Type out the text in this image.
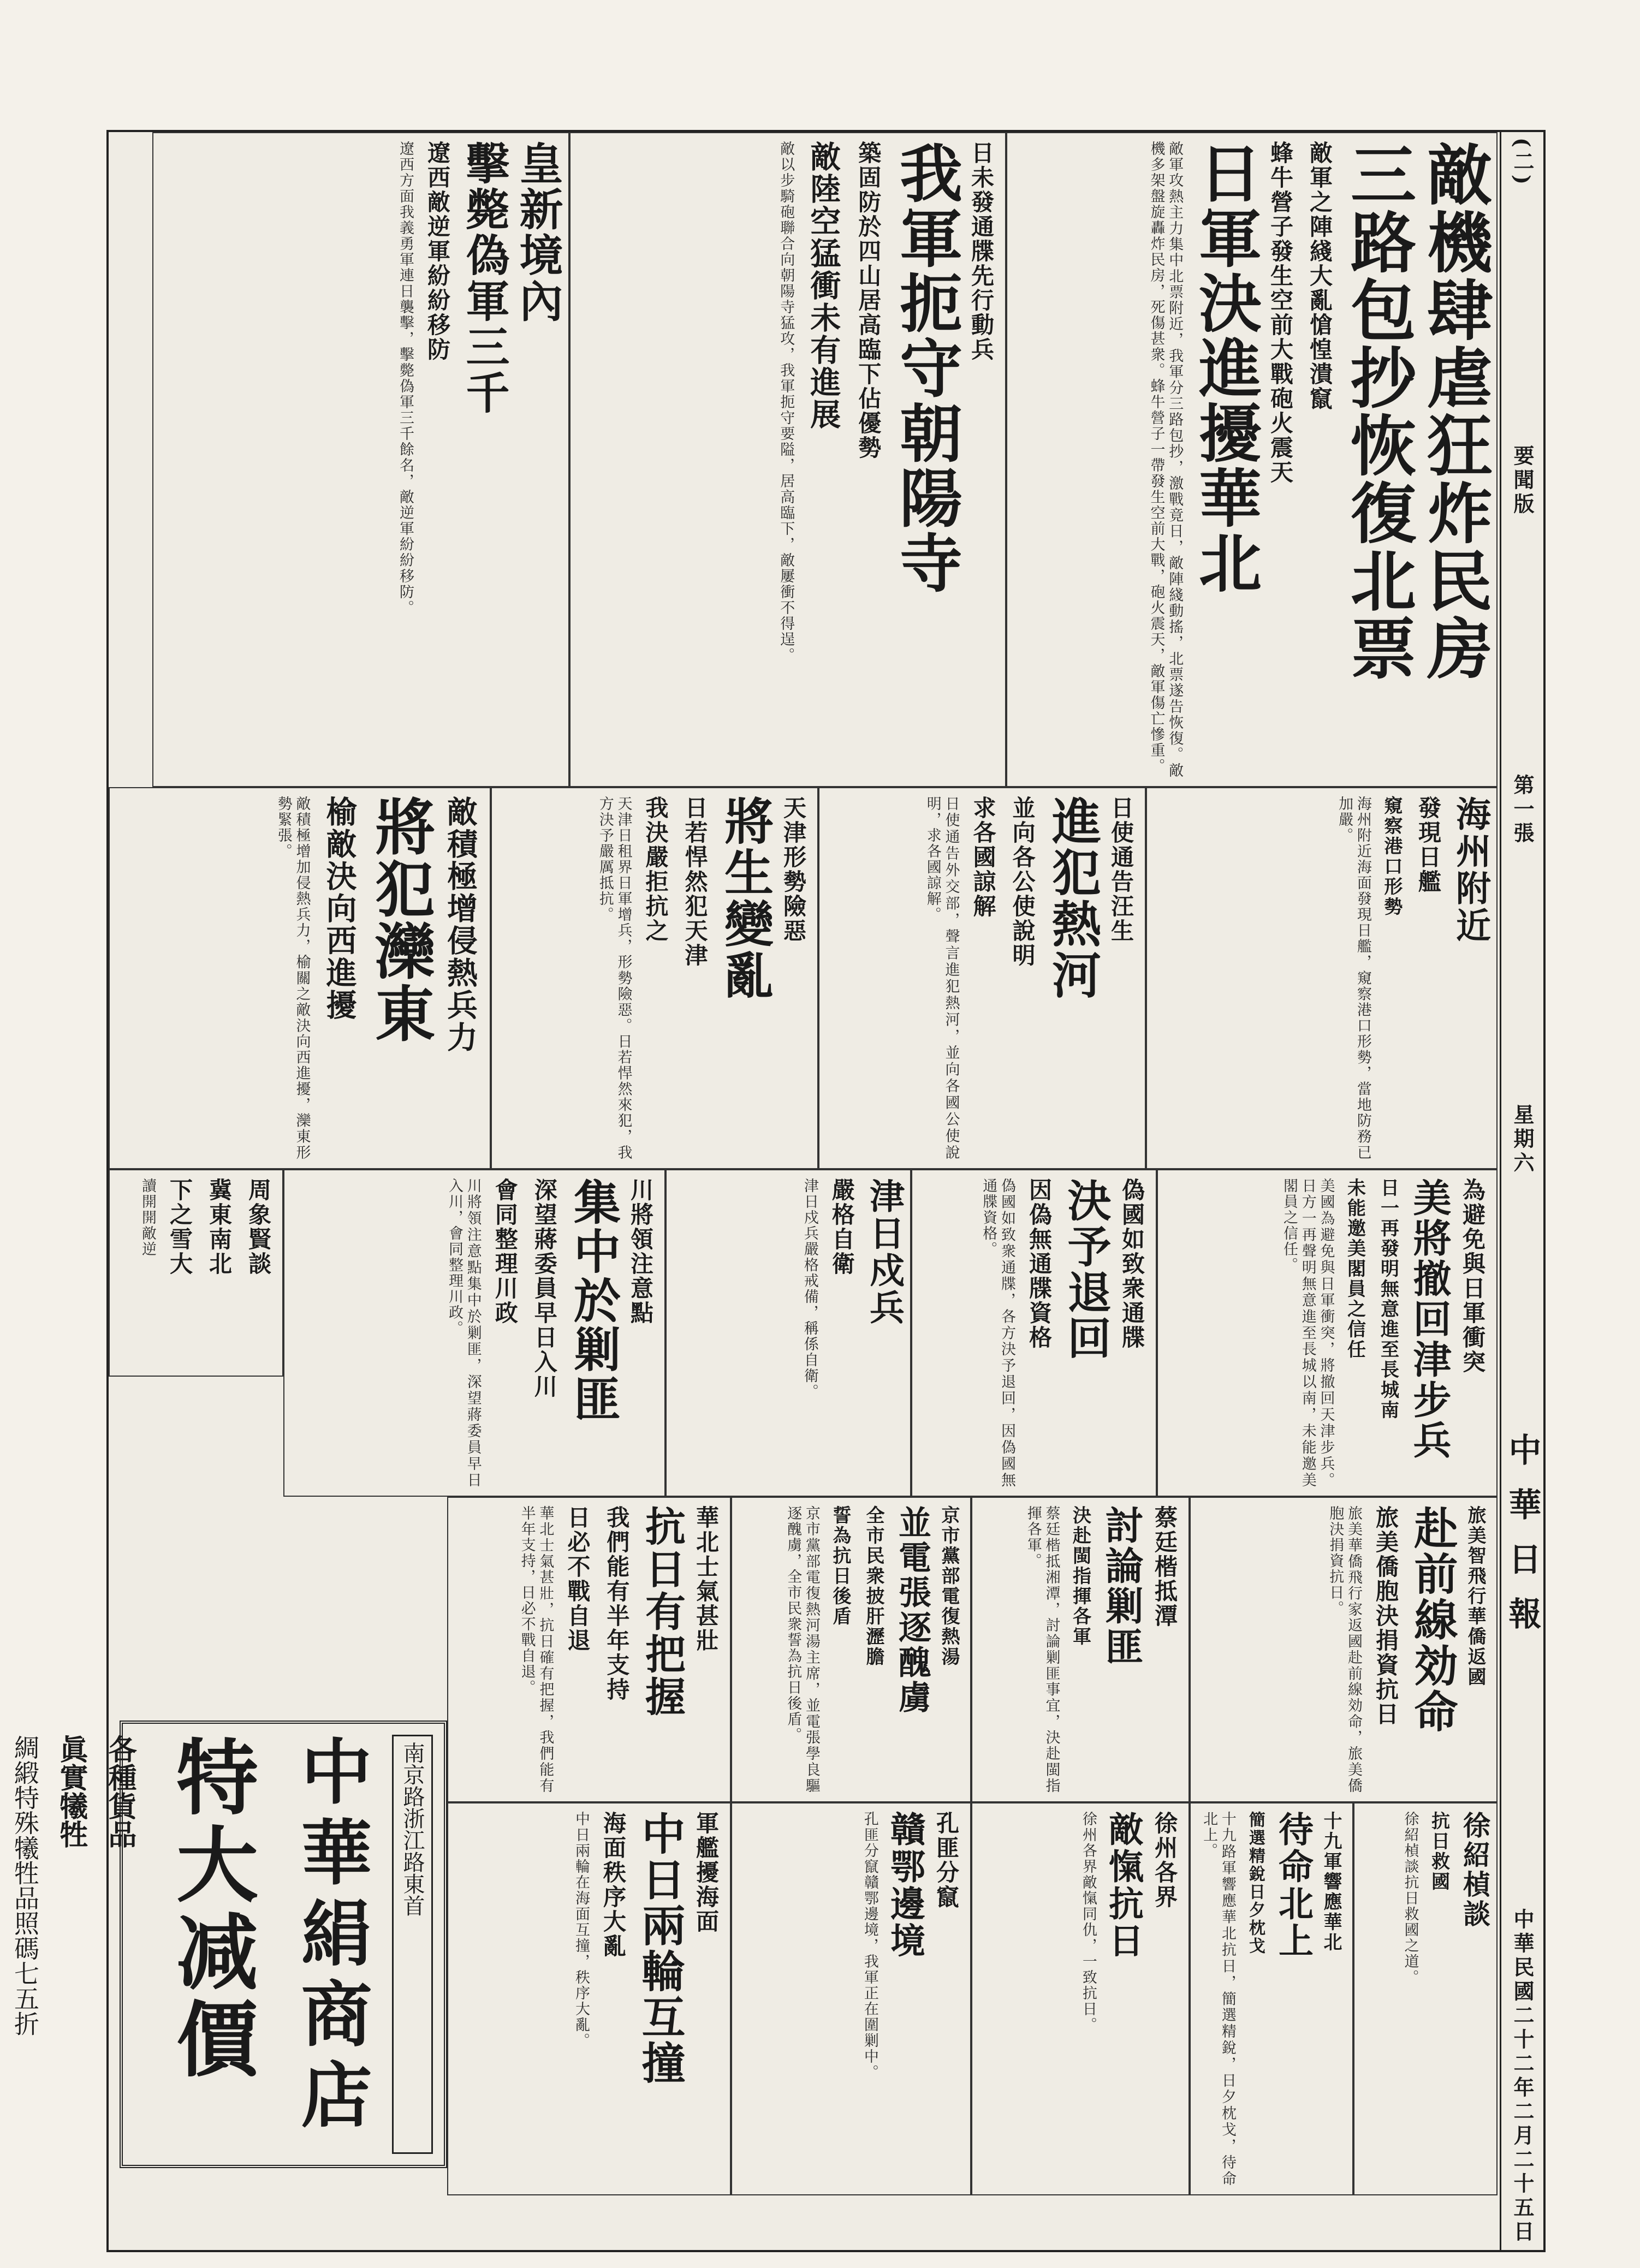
(二)
要聞版
第一張
星期六
中華日報
中華民國二十二年二月二十五日
敵機肆虐狂炸民房
三路包抄恢復北票
敵軍之陣綫大亂愴惶潰竄
蜂牛營子發生空前大戰砲火震天
日軍決進擾華北
敵軍攻熱主力集中北票附近，我軍分三路包抄，激戰竟日，敵陣綫動搖，北票遂告恢復。敵機多架盤旋轟炸民房，死傷甚衆。蜂牛營子一帶發生空前大戰，砲火震天，敵軍傷亡慘重。
日未發通牒先行動兵
我軍扼守朝陽寺
築固防於四山居高臨下佔優勢
敵陸空猛衝未有進展
敵以步騎砲聯合向朝陽寺猛攻，我軍扼守要隘，居高臨下，敵屢衝不得逞。
皇新境內
擊斃偽軍三千
遼西敵逆軍紛紛移防
遼西方面我義勇軍連日襲擊，擊斃偽軍三千餘名，敵逆軍紛紛移防。
敵積極增侵熱兵力
將犯灤東
榆敵決向西進擾
敵積極增加侵熱兵力，榆關之敵決向西進擾，灤東形勢緊張。	天津形勢險惡
將生變亂
日若悍然犯天津
我決嚴拒抗之
天津日租界日軍增兵，形勢險惡。日若悍然來犯，我方決予嚴厲抵抗。	日使通告汪生
進犯熱河
並向各公使說明
求各國諒解
日使通告外交部，聲言進犯熱河，並向各國公使說明，求各國諒解。	海州附近
發現日艦
窺察港口形勢
海州附近海面發現日艦，窺察港口形勢，當地防務已加嚴。
周象賢談
冀東南北
下之雪大
讀開開敵逆	川將領注意點
集中於剿匪
深望蔣委員早日入川
會同整理川政
川將領注意點集中於剿匪，深望蔣委員早日入川，會同整理川政。	津日戍兵
嚴格自衛
津日戍兵嚴格戒備，稱係自衛。	偽國如致衆通牒
決予退回
因偽無通牒資格
偽國如致衆通牒，各方決予退回，因偽國無通牒資格。	為避免與日軍衝突
美將撤回津步兵
日一再發明無意進至長城南
未能邀美閣員之信任
美國為避免與日軍衝突，將撤回天津步兵。日方一再聲明無意進至長城以南，未能邀美閣員之信任。
華北士氣甚壯
抗日有把握
我們能有半年支持
日必不戰自退
華北士氣甚壯，抗日確有把握，我們能有半年支持，日必不戰自退。	京市黨部電復熱湯
並電張逐醜虜
全市民衆披肝瀝膽
誓為抗日後盾
京市黨部電復熱河湯主席，並電張學良驅逐醜虜，全市民衆誓為抗日後盾。	蔡廷楷抵潭
討論剿匪
決赴閩指揮各軍
蔡廷楷抵湘潭，討論剿匪事宜，決赴閩指揮各軍。	旅美智飛行華僑返國
赴前線効命
旅美僑胞決捐資抗日
旅美華僑飛行家返國赴前線効命，旅美僑胞決捐資抗日。
軍艦擾海面
中日兩輪互撞
海面秩序大亂
中日兩輪在海面互撞，秩序大亂。	孔匪分竄
贛鄂邊境
孔匪分竄贛鄂邊境，我軍正在圍剿中。	徐州各界
敵愾抗日
徐州各界敵愾同仇，一致抗日。	十九軍響應華北
待命北上
簡選精銳日夕枕戈
十九路軍響應華北抗日，簡選精銳，日夕枕戈，待命北上。	徐紹楨談
抗日救國
徐紹楨談抗日救國之道。
南京路浙江路東首
中華絹商店
特大减價
各種貨品
眞實犧牲
綢緞特殊犧牲品照碼七五折
